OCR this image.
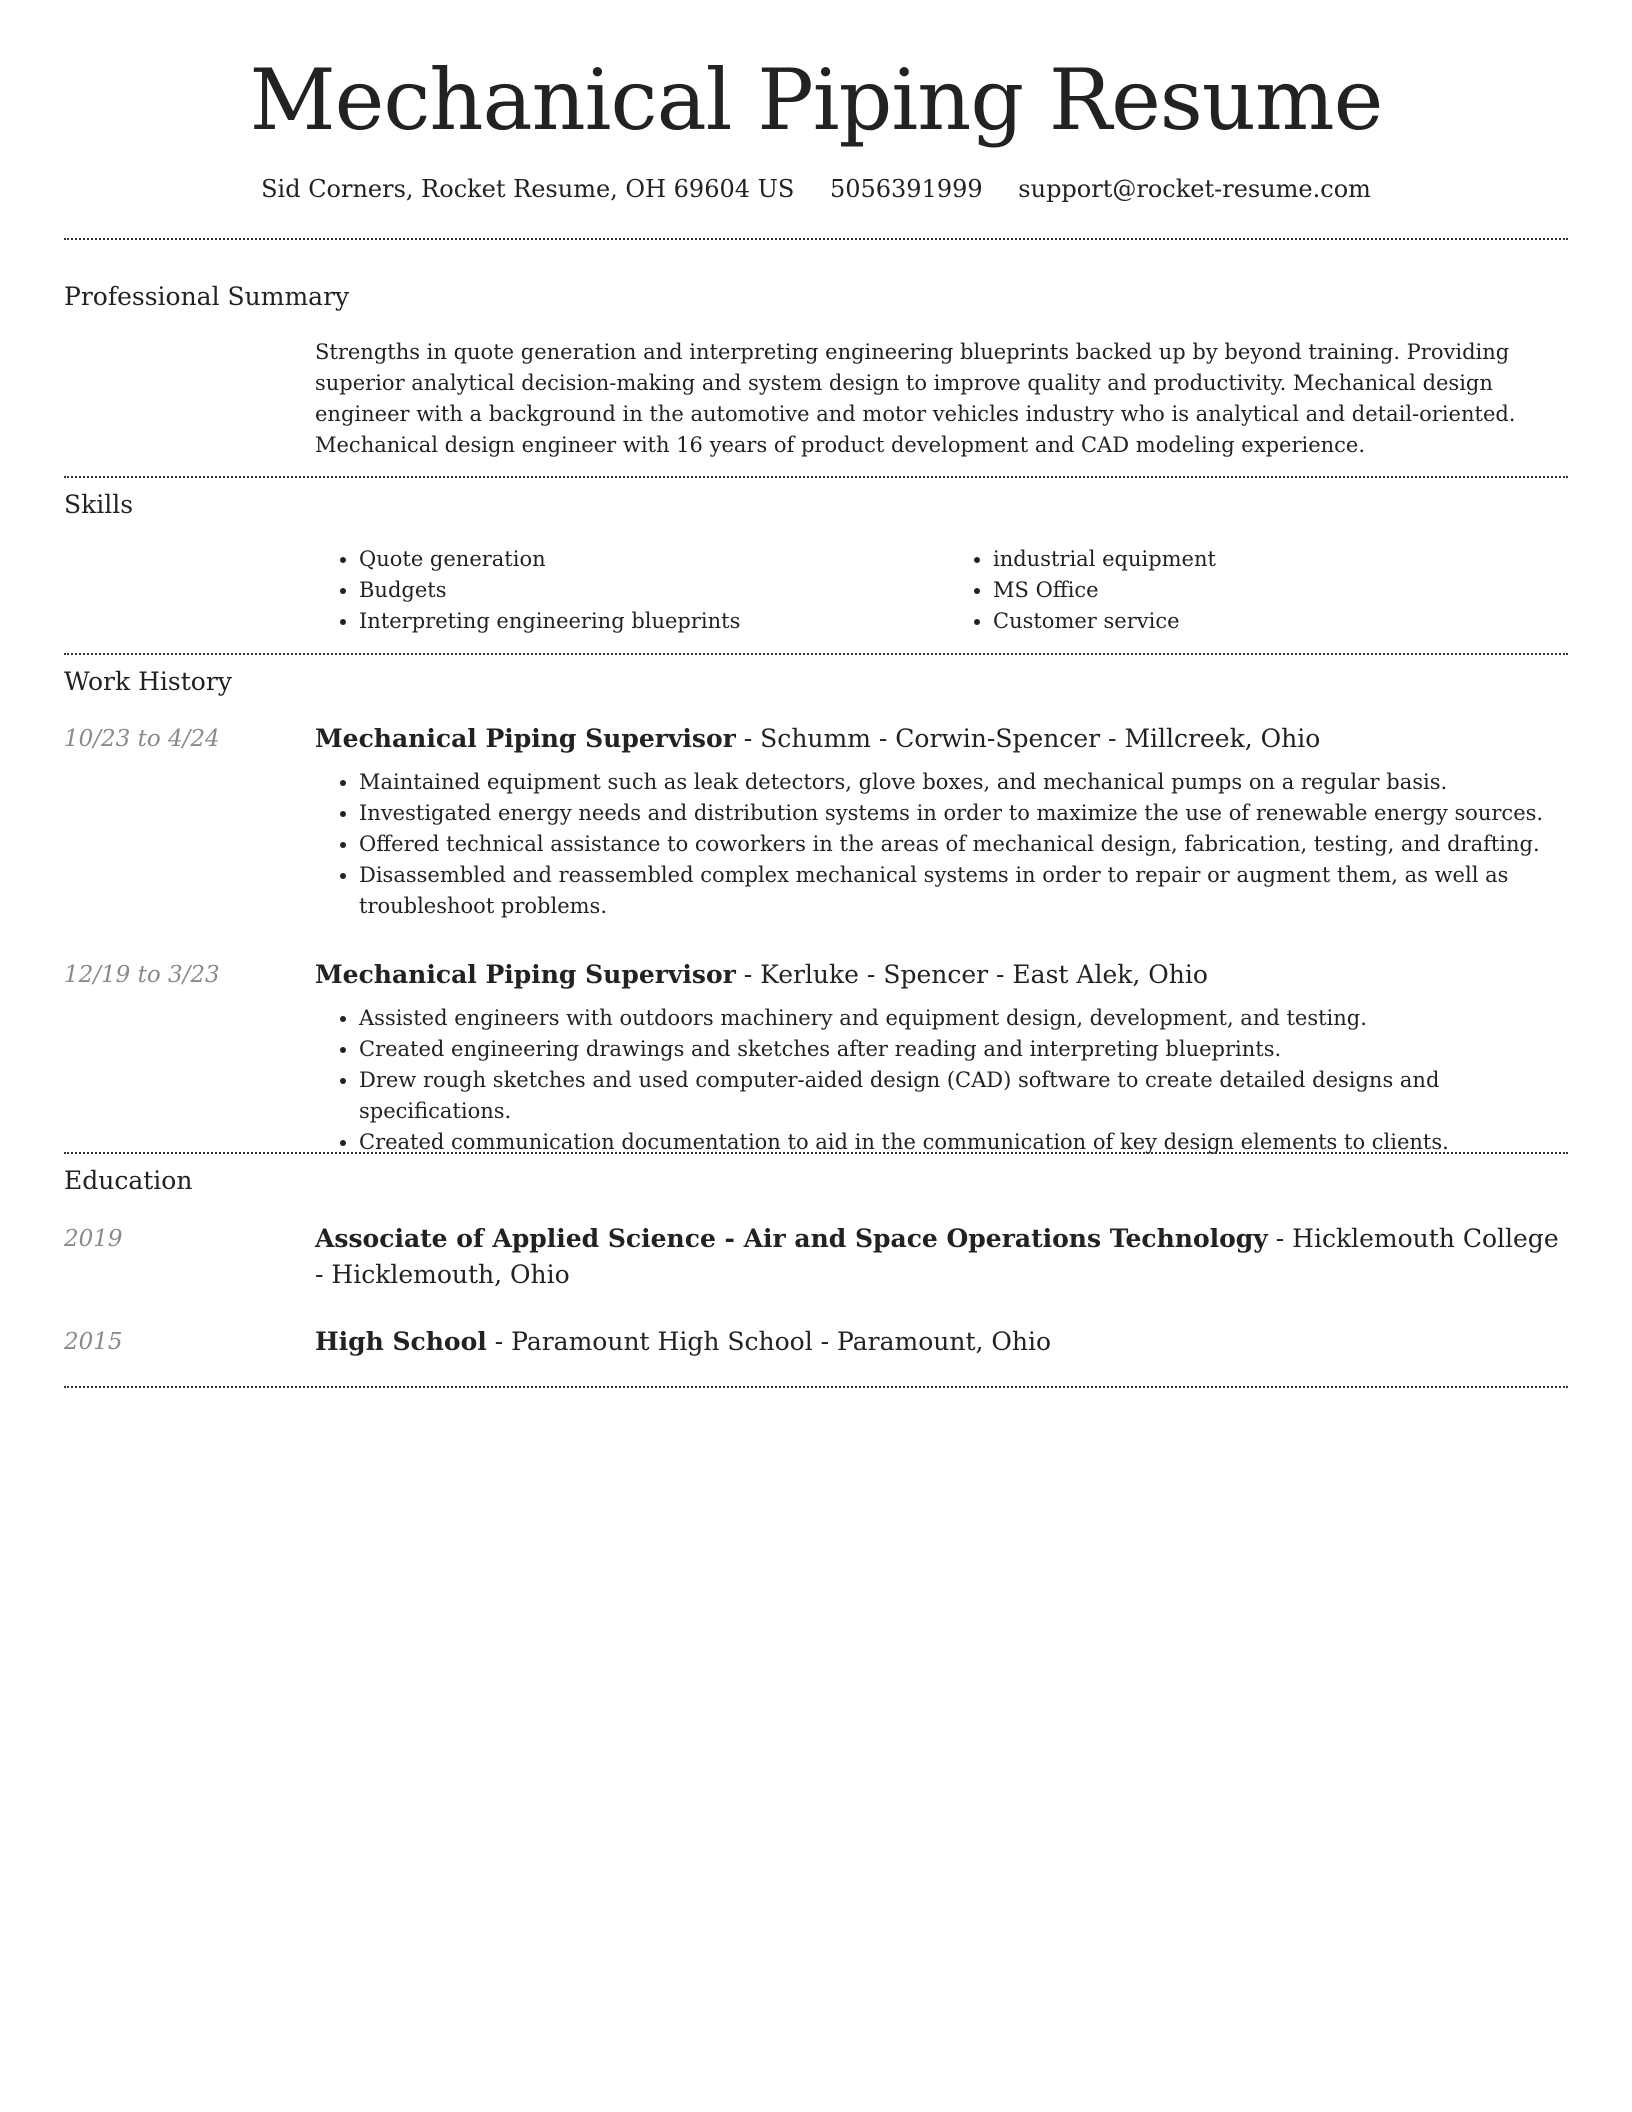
Mechanical Piping Resume
Sid Corners, Rocket Resume, OH 69604 US 5056391999 support@rocket-resume.com
Professional Summary

Strengths in quote generation and interpreting engineering blueprints backed up by beyond training. Providing superior analytical decision-making and system design to improve quality and productivity. Mechanical design engineer with a background in the automotive and motor vehicles industry who is analytical and detail-oriented. Mechanical design engineer with 16 years of product development and CAD modeling experience.

Skills
• Quote generation
• Budgets
• Interpreting engineering blueprints
• industrial equipment
• MS Office
• Customer service
Work History
10/23 to 4/24	Mechanical Piping Supervisor - Schumm - Corwin-Spencer - Millcreek, Ohio
• Maintained equipment such as leak detectors, glove boxes, and mechanical pumps on a regular basis.
• Investigated energy needs and distribution systems in order to maximize the use of renewable energy sources.
• Offered technical assistance to coworkers in the areas of mechanical design, fabrication, testing, and drafting.
• Disassembled and reassembled complex mechanical systems in order to repair or augment them, as well as troubleshoot problems.
12/19 to 3/23	Mechanical Piping Supervisor - Kerluke - Spencer - East Alek, Ohio
• Assisted engineers with outdoors machinery and equipment design, development, and testing.
• Created engineering drawings and sketches after reading and interpreting blueprints.
• Drew rough sketches and used computer-aided design (CAD) software to create detailed designs and specifications.
• Created communication documentation to aid in the communication of key design elements to clients.
Education
2019	Associate of Applied Science - Air and Space Operations Technology - Hicklemouth College - Hicklemouth, Ohio
2015	High School - Paramount High School - Paramount, Ohio
